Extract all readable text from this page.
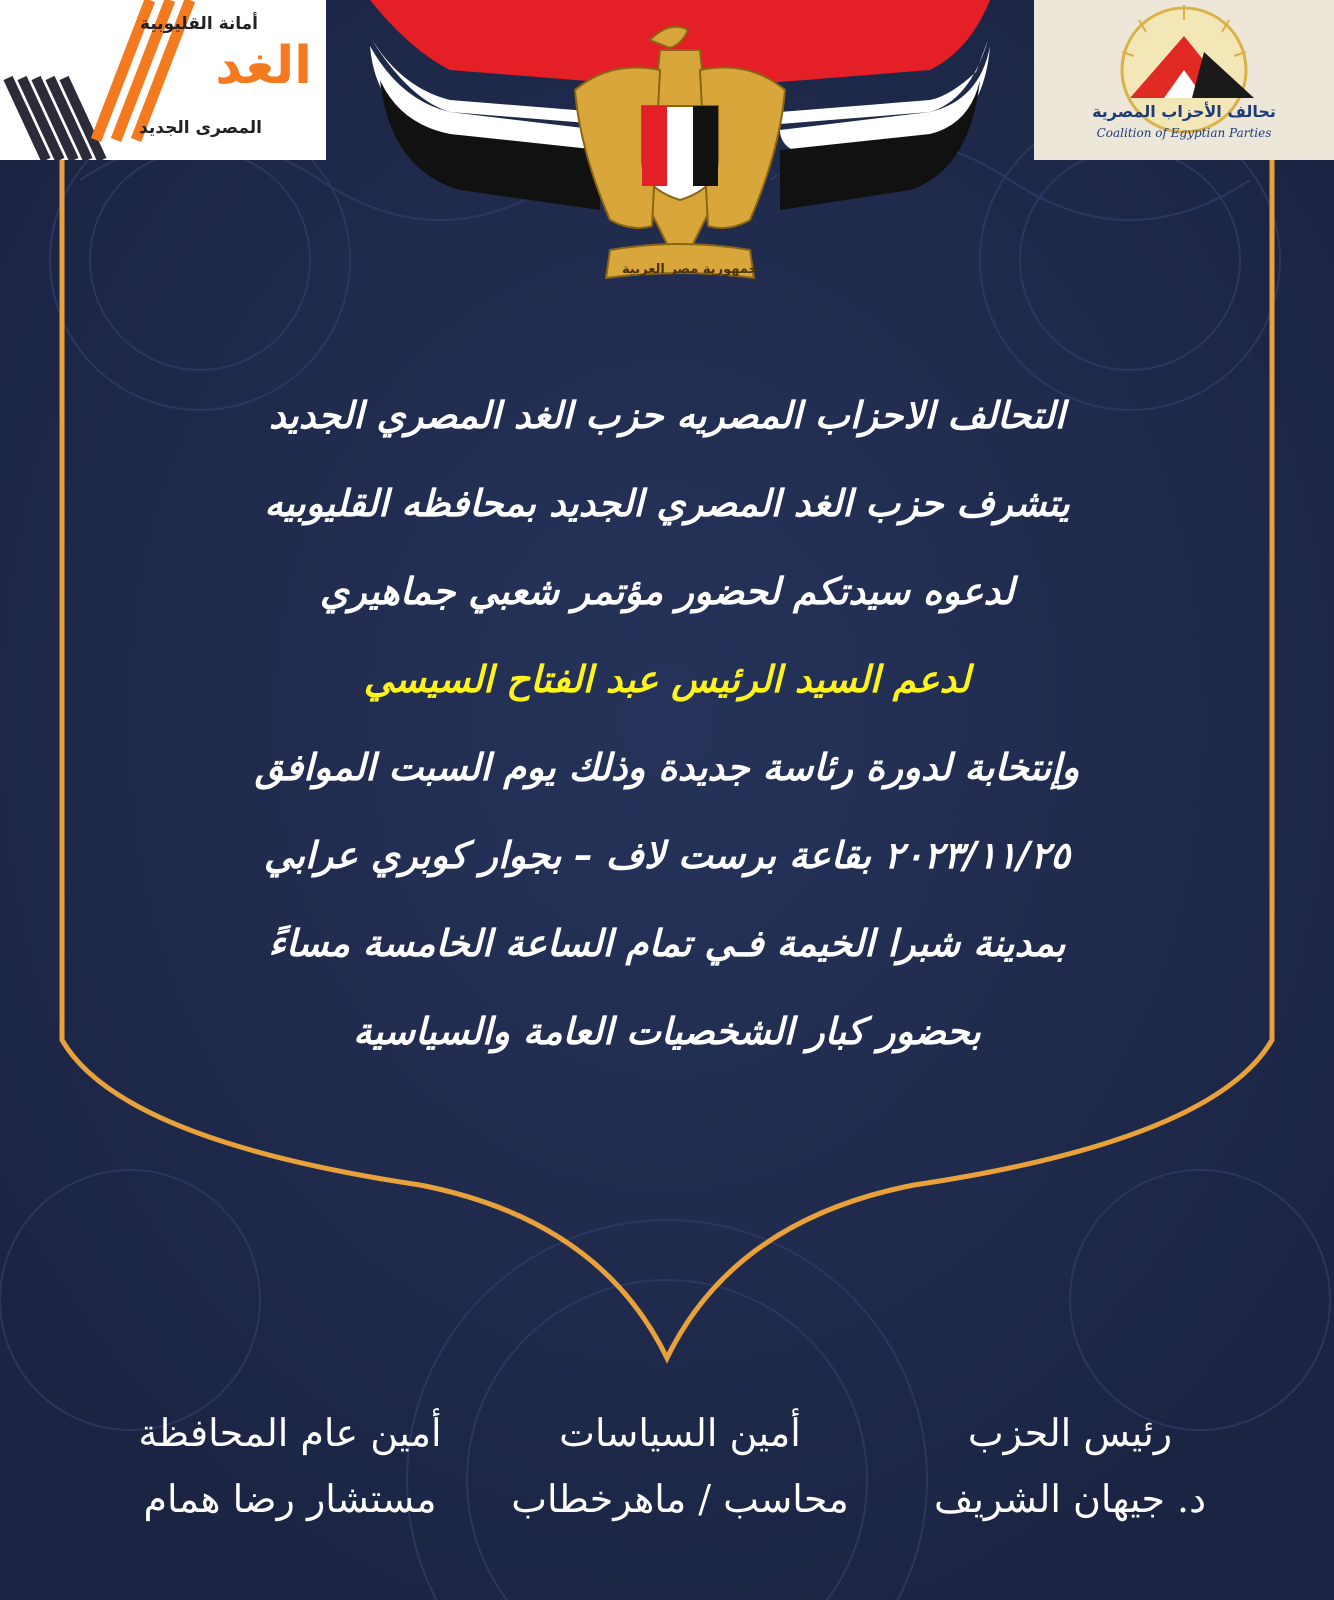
أمانة القليوبية
الغد
المصرى الجديد
تحالف الأحزاب المصرية
Coalition of Egyptian Parties
جمهورية مصر العربية
التحالف الاحزاب المصريه حزب الغد المصري الجديد
يتشرف حزب الغد المصري الجديد بمحافظه القليوبيه
لدعوه سيدتكم لحضور مؤتمر شعبي جماهيري
لدعم السيد الرئيس عبد الفتاح السيسي
وإنتخابة لدورة رئاسة جديدة وذلك يوم السبت الموافق
٢٠٢٣/١١/٢٥ بقاعة برست لاف – بجوار كوبري عرابي
بمدينة شبرا الخيمة فـي تمام الساعة الخامسة مساءً
بحضور كبار الشخصيات العامة والسياسية
أمين عام المحافظة
مستشار رضا همام
أمين السياسات
محاسب / ماهرخطاب
رئيس الحزب
د. جيهان الشريف
